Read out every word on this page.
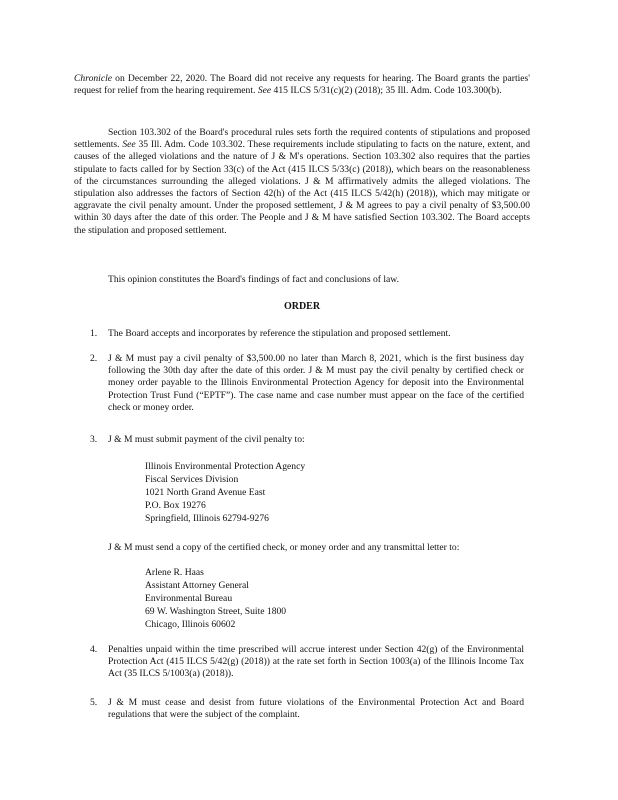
Chronicle on December 22, 2020. The Board did not receive any requests for hearing. The Board grants the parties' request for relief from the hearing requirement. See 415 ILCS 5/31(c)(2) (2018); 35 Ill. Adm. Code 103.300(b).

Section 103.302 of the Board's procedural rules sets forth the required contents of stipulations and proposed settlements. See 35 Ill. Adm. Code 103.302. These requirements include stipulating to facts on the nature, extent, and causes of the alleged violations and the nature of J & M's operations. Section 103.302 also requires that the parties stipulate to facts called for by Section 33(c) of the Act (415 ILCS 5/33(c) (2018)), which bears on the reasonableness of the circumstances surrounding the alleged violations. J & M affirmatively admits the alleged violations. The stipulation also addresses the factors of Section 42(h) of the Act (415 ILCS 5/42(h) (2018)), which may mitigate or aggravate the civil penalty amount. Under the proposed settlement, J & M agrees to pay a civil penalty of $3,500.00 within 30 days after the date of this order. The People and J & M have satisfied Section 103.302. The Board accepts the stipulation and proposed settlement.

This opinion constitutes the Board's findings of fact and conclusions of law.

ORDER
1.	The Board accepts and incorporates by reference the stipulation and proposed settlement.
2.	J & M must pay a civil penalty of $3,500.00 no later than March 8, 2021, which is the first business day following the 30th day after the date of this order. J & M must pay the civil penalty by certified check or money order payable to the Illinois Environmental Protection Agency for deposit into the Environmental Protection Trust Fund (“EPTF”). The case name and case number must appear on the face of the certified check or money order.
3.	J & M must submit payment of the civil penalty to:
Illinois Environmental Protection Agency
Fiscal Services Division
1021 North Grand Avenue East
P.O. Box 19276
Springfield, Illinois 62794-9276
J & M must send a copy of the certified check, or money order and any transmittal letter to:
Arlene R. Haas
Assistant Attorney General
Environmental Bureau
69 W. Washington Street, Suite 1800
Chicago, Illinois 60602
4.	Penalties unpaid within the time prescribed will accrue interest under Section 42(g) of the Environmental Protection Act (415 ILCS 5/42(g) (2018)) at the rate set forth in Section 1003(a) of the Illinois Income Tax Act (35 ILCS 5/1003(a) (2018)).
5.	J & M must cease and desist from future violations of the Environmental Protection Act and Board regulations that were the subject of the complaint.
